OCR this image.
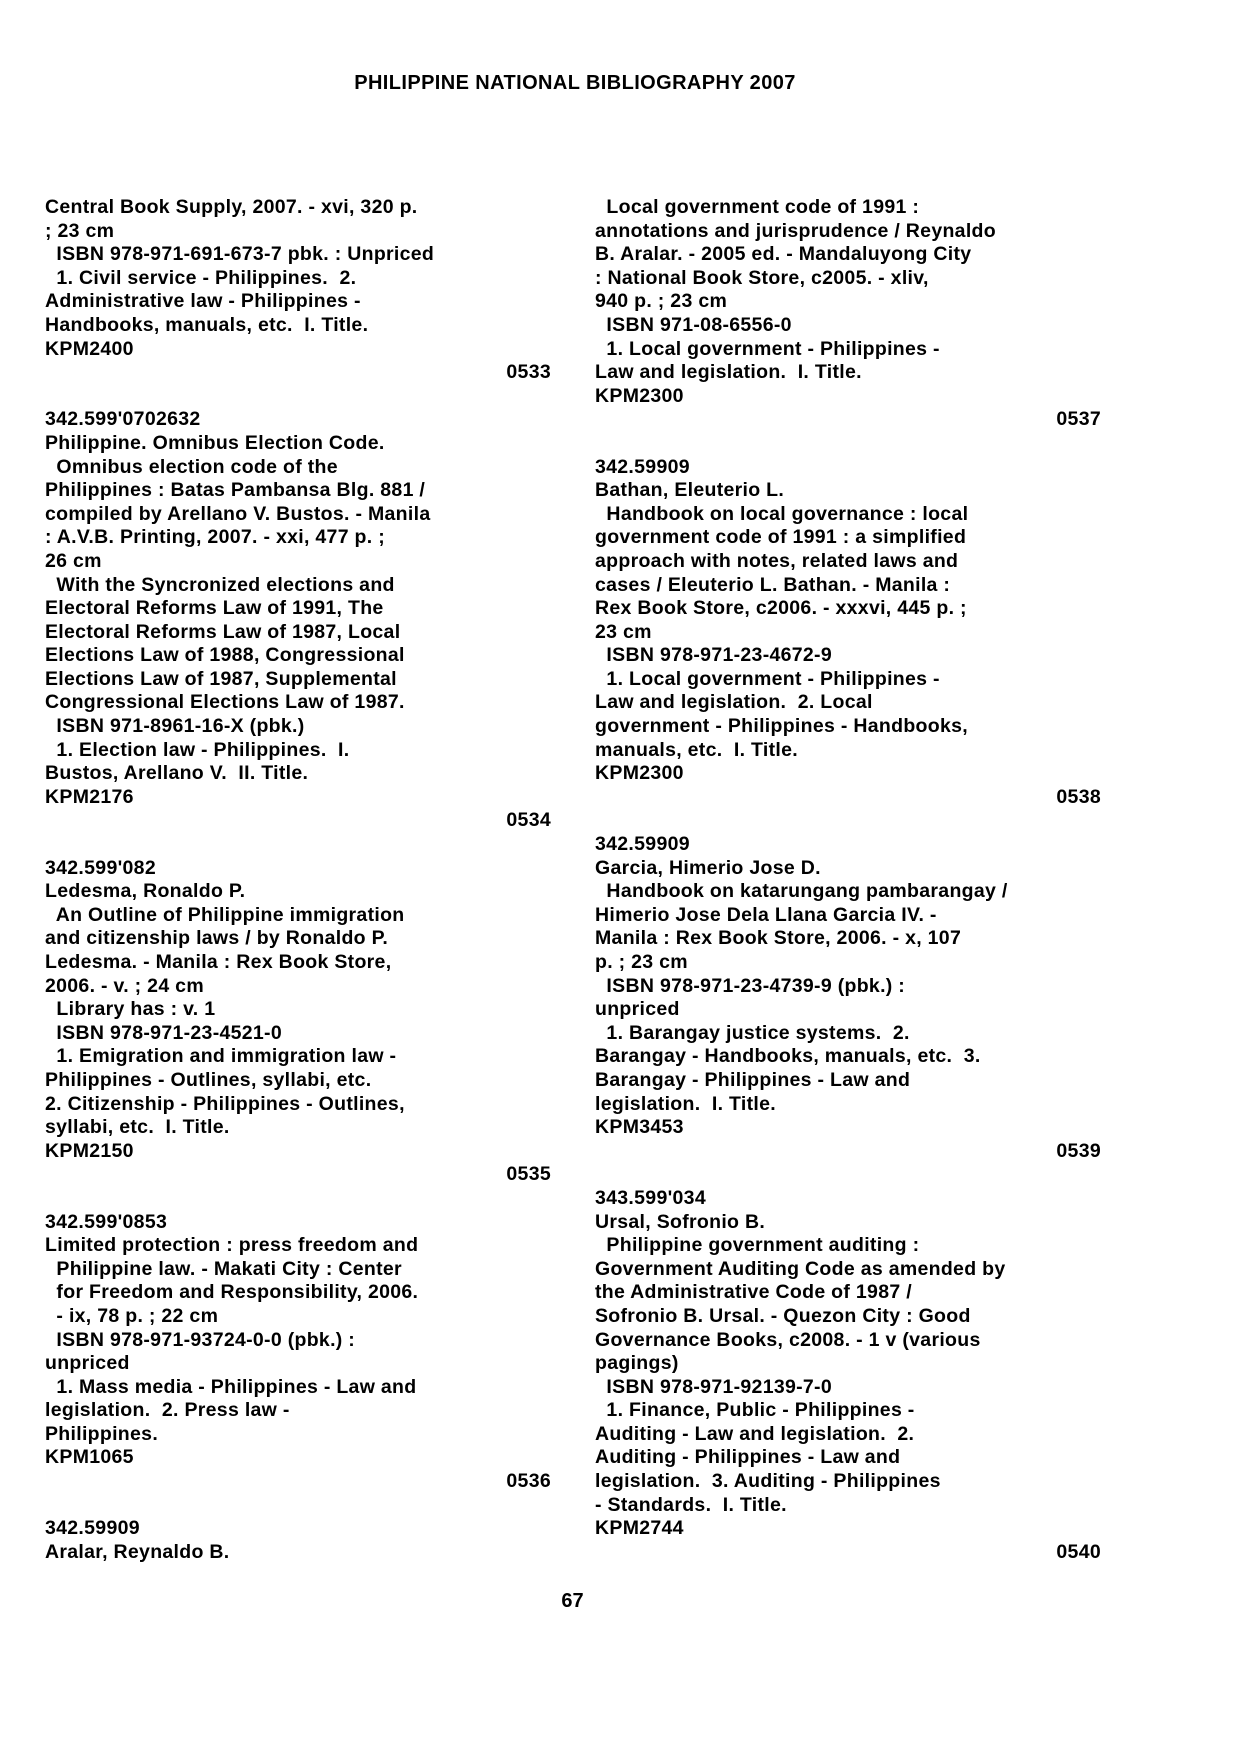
PHILIPPINE NATIONAL BIBLIOGRAPHY 2007
Central Book Supply, 2007. - xvi, 320 p.
; 23 cm
ISBN 978-971-691-673-7 pbk. : Unpriced
1. Civil service - Philippines.  2.
Administrative law - Philippines -
Handbooks, manuals, etc.  I. Title.
KPM2400
0533

342.599'0702632
Philippine. Omnibus Election Code.
Omnibus election code of the
Philippines : Batas Pambansa Blg. 881 /
compiled by Arellano V. Bustos. - Manila
: A.V.B. Printing, 2007. - xxi, 477 p. ;
26 cm
With the Syncronized elections and
Electoral Reforms Law of 1991, The
Electoral Reforms Law of 1987, Local
Elections Law of 1988, Congressional
Elections Law of 1987, Supplemental
Congressional Elections Law of 1987.
ISBN 971-8961-16-X (pbk.)
1. Election law - Philippines.  I.
Bustos, Arellano V.  II. Title.
KPM2176
0534

342.599'082
Ledesma, Ronaldo P.
An Outline of Philippine immigration
and citizenship laws / by Ronaldo P.
Ledesma. - Manila : Rex Book Store,
2006. - v. ; 24 cm
Library has : v. 1
ISBN 978-971-23-4521-0
1. Emigration and immigration law -
Philippines - Outlines, syllabi, etc.
2. Citizenship - Philippines - Outlines,
syllabi, etc.  I. Title.
KPM2150
0535

342.599'0853
Limited protection : press freedom and
Philippine law. - Makati City : Center
for Freedom and Responsibility, 2006.
- ix, 78 p. ; 22 cm
ISBN 978-971-93724-0-0 (pbk.) :
unpriced
1. Mass media - Philippines - Law and
legislation.  2. Press law -
Philippines.
KPM1065
0536

342.59909
Aralar, Reynaldo B.
Local government code of 1991 :
annotations and jurisprudence / Reynaldo
B. Aralar. - 2005 ed. - Mandaluyong City
: National Book Store, c2005. - xliv,
940 p. ; 23 cm
ISBN 971-08-6556-0
1. Local government - Philippines -
Law and legislation.  I. Title.
KPM2300
0537

342.59909
Bathan, Eleuterio L.
Handbook on local governance : local
government code of 1991 : a simplified
approach with notes, related laws and
cases / Eleuterio L. Bathan. - Manila :
Rex Book Store, c2006. - xxxvi, 445 p. ;
23 cm
ISBN 978-971-23-4672-9
1. Local government - Philippines -
Law and legislation.  2. Local
government - Philippines - Handbooks,
manuals, etc.  I. Title.
KPM2300
0538

342.59909
Garcia, Himerio Jose D.
Handbook on katarungang pambarangay /
Himerio Jose Dela Llana Garcia IV. -
Manila : Rex Book Store, 2006. - x, 107
p. ; 23 cm
ISBN 978-971-23-4739-9 (pbk.) :
unpriced
1. Barangay justice systems.  2.
Barangay - Handbooks, manuals, etc.  3.
Barangay - Philippines - Law and
legislation.  I. Title.
KPM3453
0539

343.599'034
Ursal, Sofronio B.
Philippine government auditing :
Government Auditing Code as amended by
the Administrative Code of 1987 /
Sofronio B. Ursal. - Quezon City : Good
Governance Books, c2008. - 1 v (various
pagings)
ISBN 978-971-92139-7-0
1. Finance, Public - Philippines -
Auditing - Law and legislation.  2.
Auditing - Philippines - Law and
legislation.  3. Auditing - Philippines
- Standards.  I. Title.
KPM2744
0540
67
